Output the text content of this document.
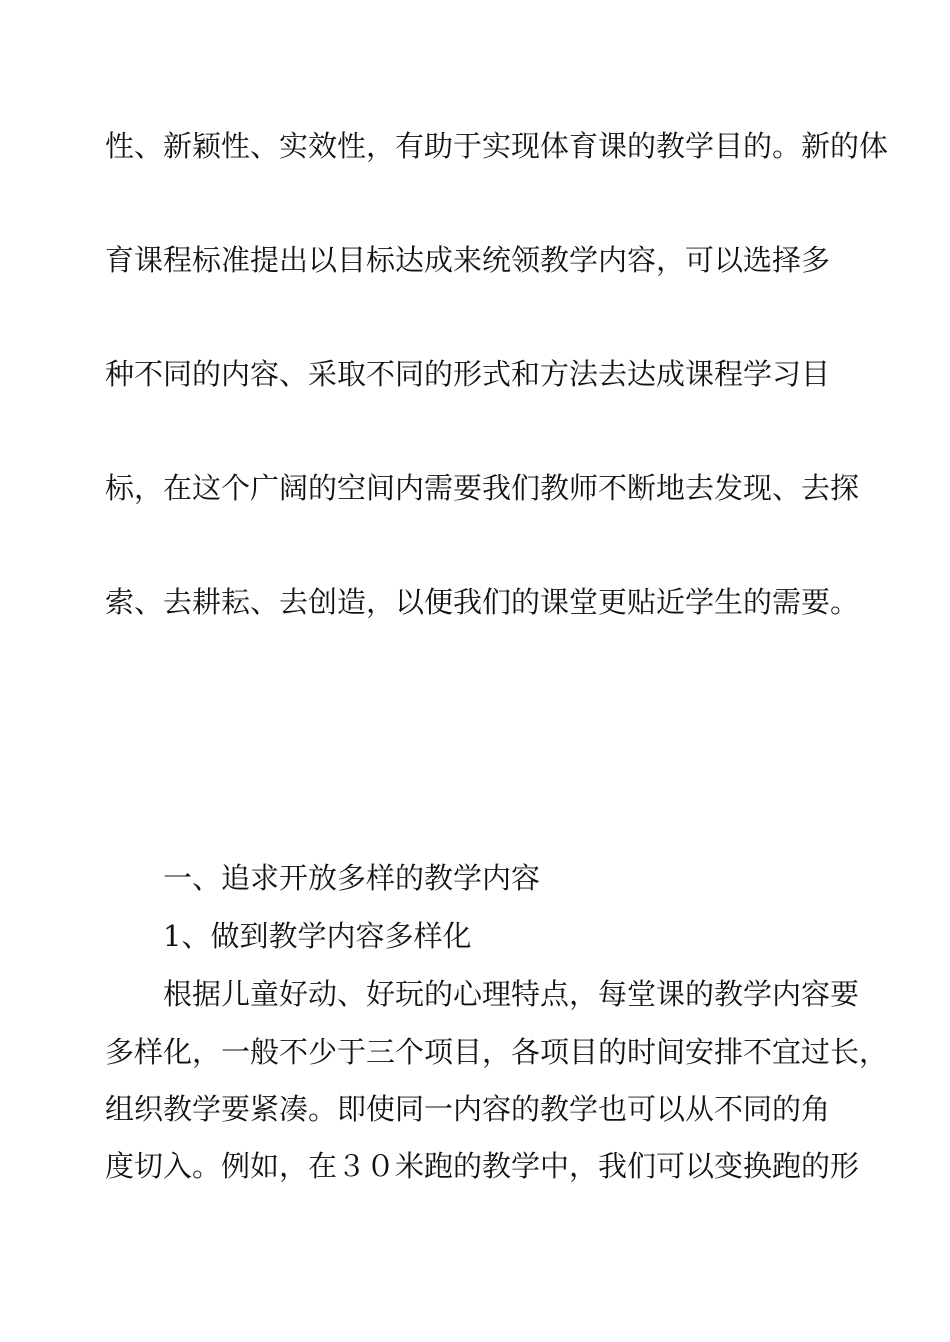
性、新颖性、实效性，有助于实现体育课的教学目的。新的体
育课程标准提出以目标达成来统领教学内容，可以选择多
种不同的内容、采取不同的形式和方法去达成课程学习目
标，在这个广阔的空间内需要我们教师不断地去发现、去探
索、去耕耘、去创造，以便我们的课堂更贴近学生的需要。
一、追求开放多样的教学内容
1、做到教学内容多样化
根据儿童好动、好玩的心理特点，每堂课的教学内容要
多样化，一般不少于三个项目，各项目的时间安排不宜过长，
组织教学要紧凑。即使同一内容的教学也可以从不同的角
度切入。例如，在３０米跑的教学中，我们可以变换跑的形
